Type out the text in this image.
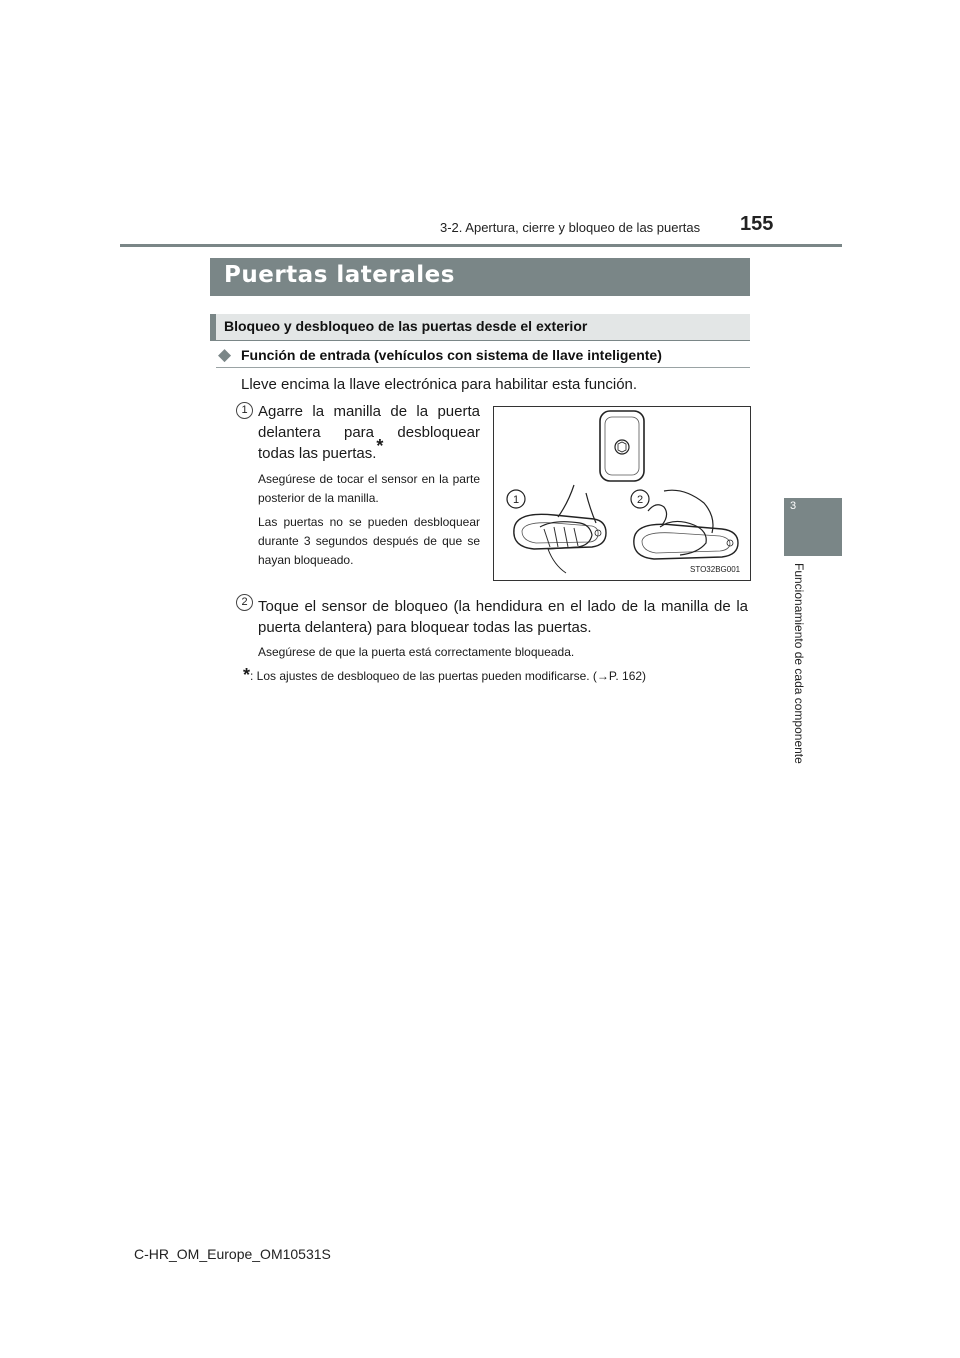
3-2. Apertura, cierre y bloqueo de las puertas 155
3
Funcionamiento de cada componente
Puertas laterales
Bloqueo y desbloqueo de las puertas desde el exterior
◆ Función de entrada (vehículos con sistema de llave inteligente)
Lleve encima la llave electrónica para habilitar esta función.
1 Agarre la manilla de la puerta delantera para desbloquear todas las puertas.*
Asegúrese de tocar el sensor en la parte posterior de la manilla.
Las puertas no se pueden desbloquear durante 3 segundos después de que se hayan bloqueado.
1	2
STO32BG001
2 Toque el sensor de bloqueo (la hendidura en el lado de la manilla de la puerta delantera) para bloquear todas las puertas.
Asegúrese de que la puerta está correctamente bloqueada.
*: Los ajustes de desbloqueo de las puertas pueden modificarse. (→P. 162)
C-HR_OM_Europe_OM10531S
